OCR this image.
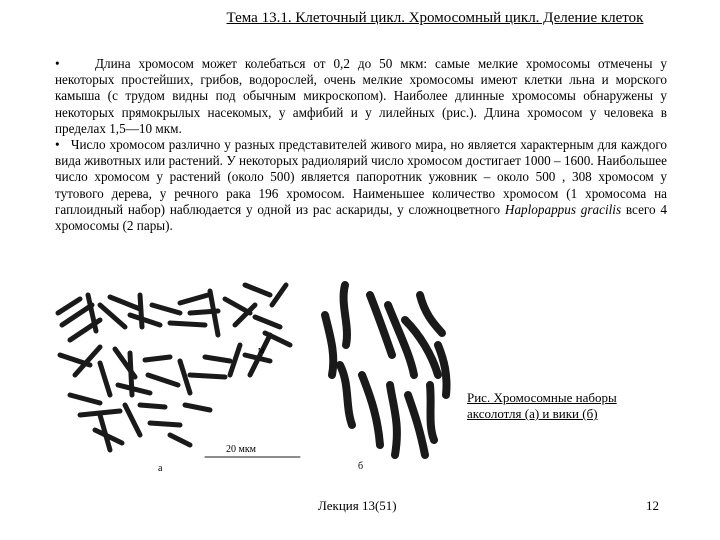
Тема 13.1. Клеточный цикл. Хромосомный цикл. Деление клеток

•	Длина хромосом может колебаться от 0,2 до 50 мкм: самые мелкие хромосомы отмечены у некоторых простейших, грибов, водорослей, очень мелкие хромосомы имеют клетки льна и морского камыша (с трудом видны под обычным микроскопом). Наиболее длинные хромосомы обнаружены у некоторых прямокрылых насекомых, у амфибий и у лилейных (рис.). Длина хромосом у человека в пределах 1,5—10 мкм.

• Число хромосом различно у разных представителей живого мира, но является характерным для каждого вида животных или растений. У некоторых радиолярий число хромосом достигает 1000 – 1600. Наибольшее число хромосом у растений (около 500) является папоротник ужовник – около 500 , 308 хромосом у тутового дерева, у речного рака 196 хромосом. Наименьшее количество хромосом (1 хромосома на гаплоидный набор) наблюдается у одной из рас аскариды, у сложноцветного Haplopappus gracilis всего 4 хромосомы (2 пары).

а	б
м
20 мкм
Рис. Хромосомные наборы аксолотля (а) и вики (б)
Лекция 13(51)	12
